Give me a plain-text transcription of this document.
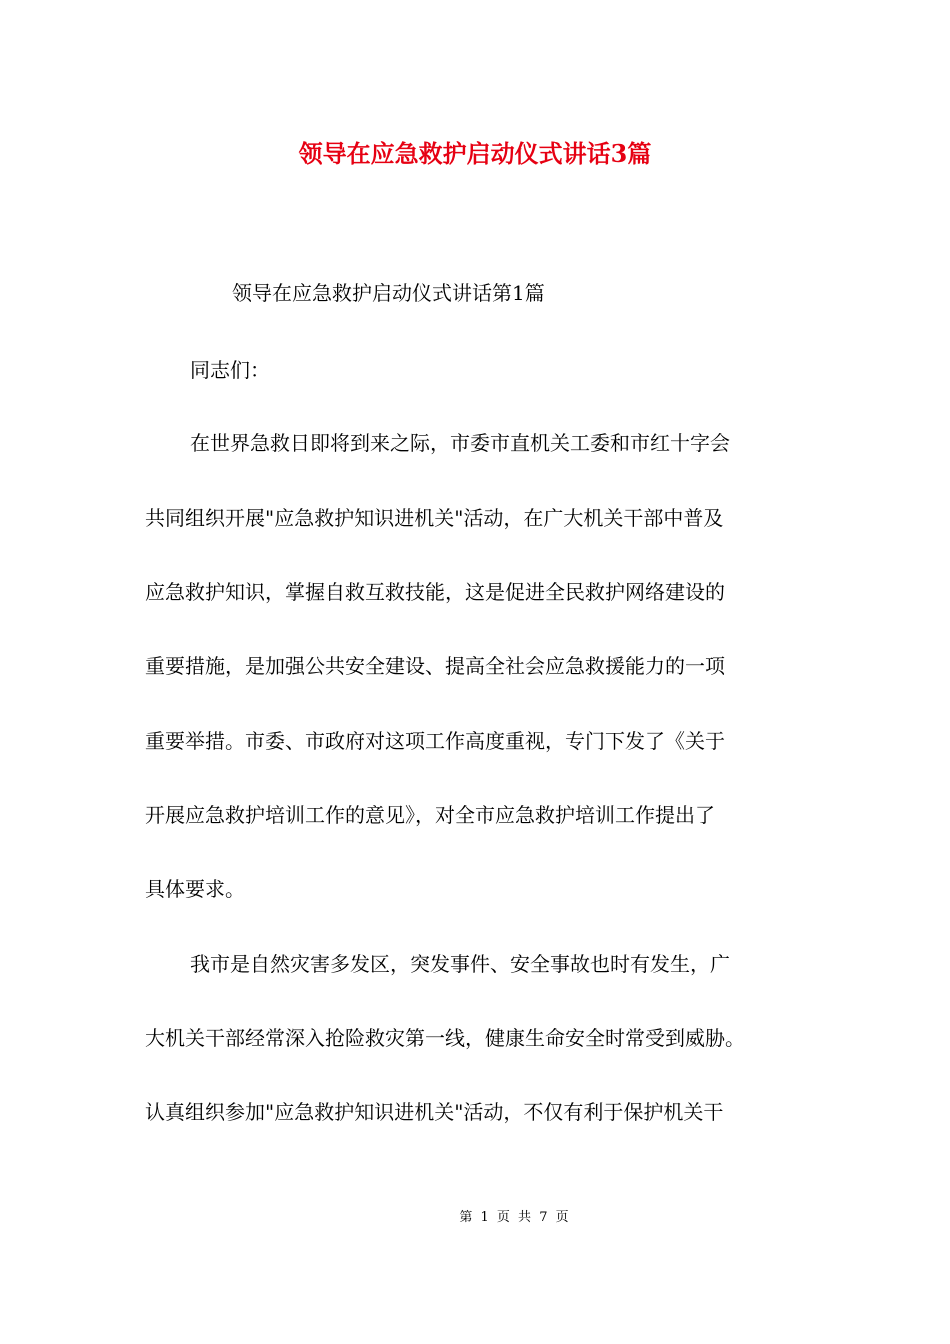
领导在应急救护启动仪式讲话3篇
领导在应急救护启动仪式讲话第1篇
同志们：
在世界急救日即将到来之际，市委市直机关工委和市红十字会
共同组织开展"应急救护知识进机关"活动，在广大机关干部中普及
应急救护知识，掌握自救互救技能，这是促进全民救护网络建设的
重要措施，是加强公共安全建设、提高全社会应急救援能力的一项
重要举措。市委、市政府对这项工作高度重视，专门下发了《关于
开展应急救护培训工作的意见》，对全市应急救护培训工作提出了
具体要求。
我市是自然灾害多发区，突发事件、安全事故也时有发生，广
大机关干部经常深入抢险救灾第一线，健康生命安全时常受到威胁。
认真组织参加"应急救护知识进机关"活动，不仅有利于保护机关干
第 1 页 共 7 页
